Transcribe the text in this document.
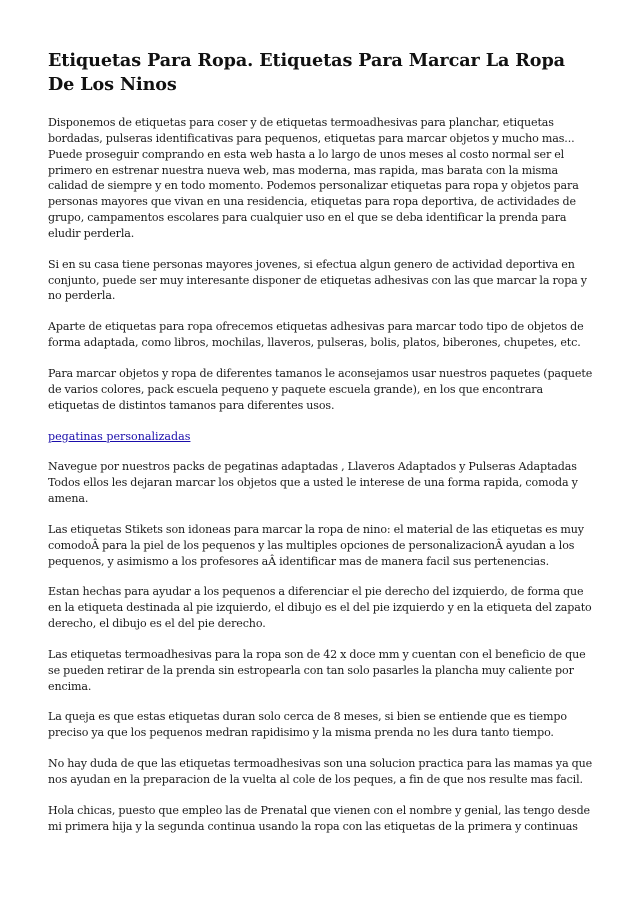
Etiquetas Para Ropa. Etiquetas Para Marcar La Ropa De Los Ninos

Disponemos de etiquetas para coser y de etiquetas termoadhesivas para planchar, etiquetas bordadas, pulseras identificativas para pequenos, etiquetas para marcar objetos y mucho mas... Puede proseguir comprando en esta web hasta a lo largo de unos meses al costo normal ser el primero en estrenar nuestra nueva web, mas moderna, mas rapida, mas barata con la misma calidad de siempre y en todo momento. Podemos personalizar etiquetas para ropa y objetos para personas mayores que vivan en una residencia, etiquetas para ropa deportiva, de actividades de grupo, campamentos escolares para cualquier uso en el que se deba identificar la prenda para eludir perderla.

Si en su casa tiene personas mayores jovenes, si efectua algun genero de actividad deportiva en conjunto, puede ser muy interesante disponer de etiquetas adhesivas con las que marcar la ropa y no perderla.

Aparte de etiquetas para ropa ofrecemos etiquetas adhesivas para marcar todo tipo de objetos de forma adaptada, como libros, mochilas, llaveros, pulseras, bolis, platos, biberones, chupetes, etc.

Para marcar objetos y ropa de diferentes tamanos le aconsejamos usar nuestros paquetes (paquete de varios colores, pack escuela pequeno y paquete escuela grande), en los que encontrara etiquetas de distintos tamanos para diferentes usos.

pegatinas personalizadas

Navegue por nuestros packs de pegatinas adaptadas , Llaveros Adaptados y Pulseras Adaptadas Todos ellos les dejaran marcar los objetos que a usted le interese de una forma rapida, comoda y amena.

Las etiquetas Stikets son idoneas para marcar la ropa de nino: el material de las etiquetas es muy comodoÂ para la piel de los pequenos y las multiples opciones de personalizacionÂ ayudan a los pequenos, y asimismo a los profesores aÂ identificar mas de manera facil sus pertenencias.

Estan hechas para ayudar a los pequenos a diferenciar el pie derecho del izquierdo, de forma que en la etiqueta destinada al pie izquierdo, el dibujo es el del pie izquierdo y en la etiqueta del zapato derecho, el dibujo es el del pie derecho.

Las etiquetas termoadhesivas para la ropa son de 42 x doce mm y cuentan con el beneficio de que se pueden retirar de la prenda sin estropearla con tan solo pasarles la plancha muy caliente por encima.

La queja es que estas etiquetas duran solo cerca de 8 meses, si bien se entiende que es tiempo preciso ya que los pequenos medran rapidisimo y la misma prenda no les dura tanto tiempo.

No hay duda de que las etiquetas termoadhesivas son una solucion practica para las mamas ya que nos ayudan en la preparacion de la vuelta al cole de los peques, a fin de que nos resulte mas facil.

Hola chicas, puesto que empleo las de Prenatal que vienen con el nombre y genial, las tengo desde mi primera hija y la segunda continua usando la ropa con las etiquetas de la primera y continuas
